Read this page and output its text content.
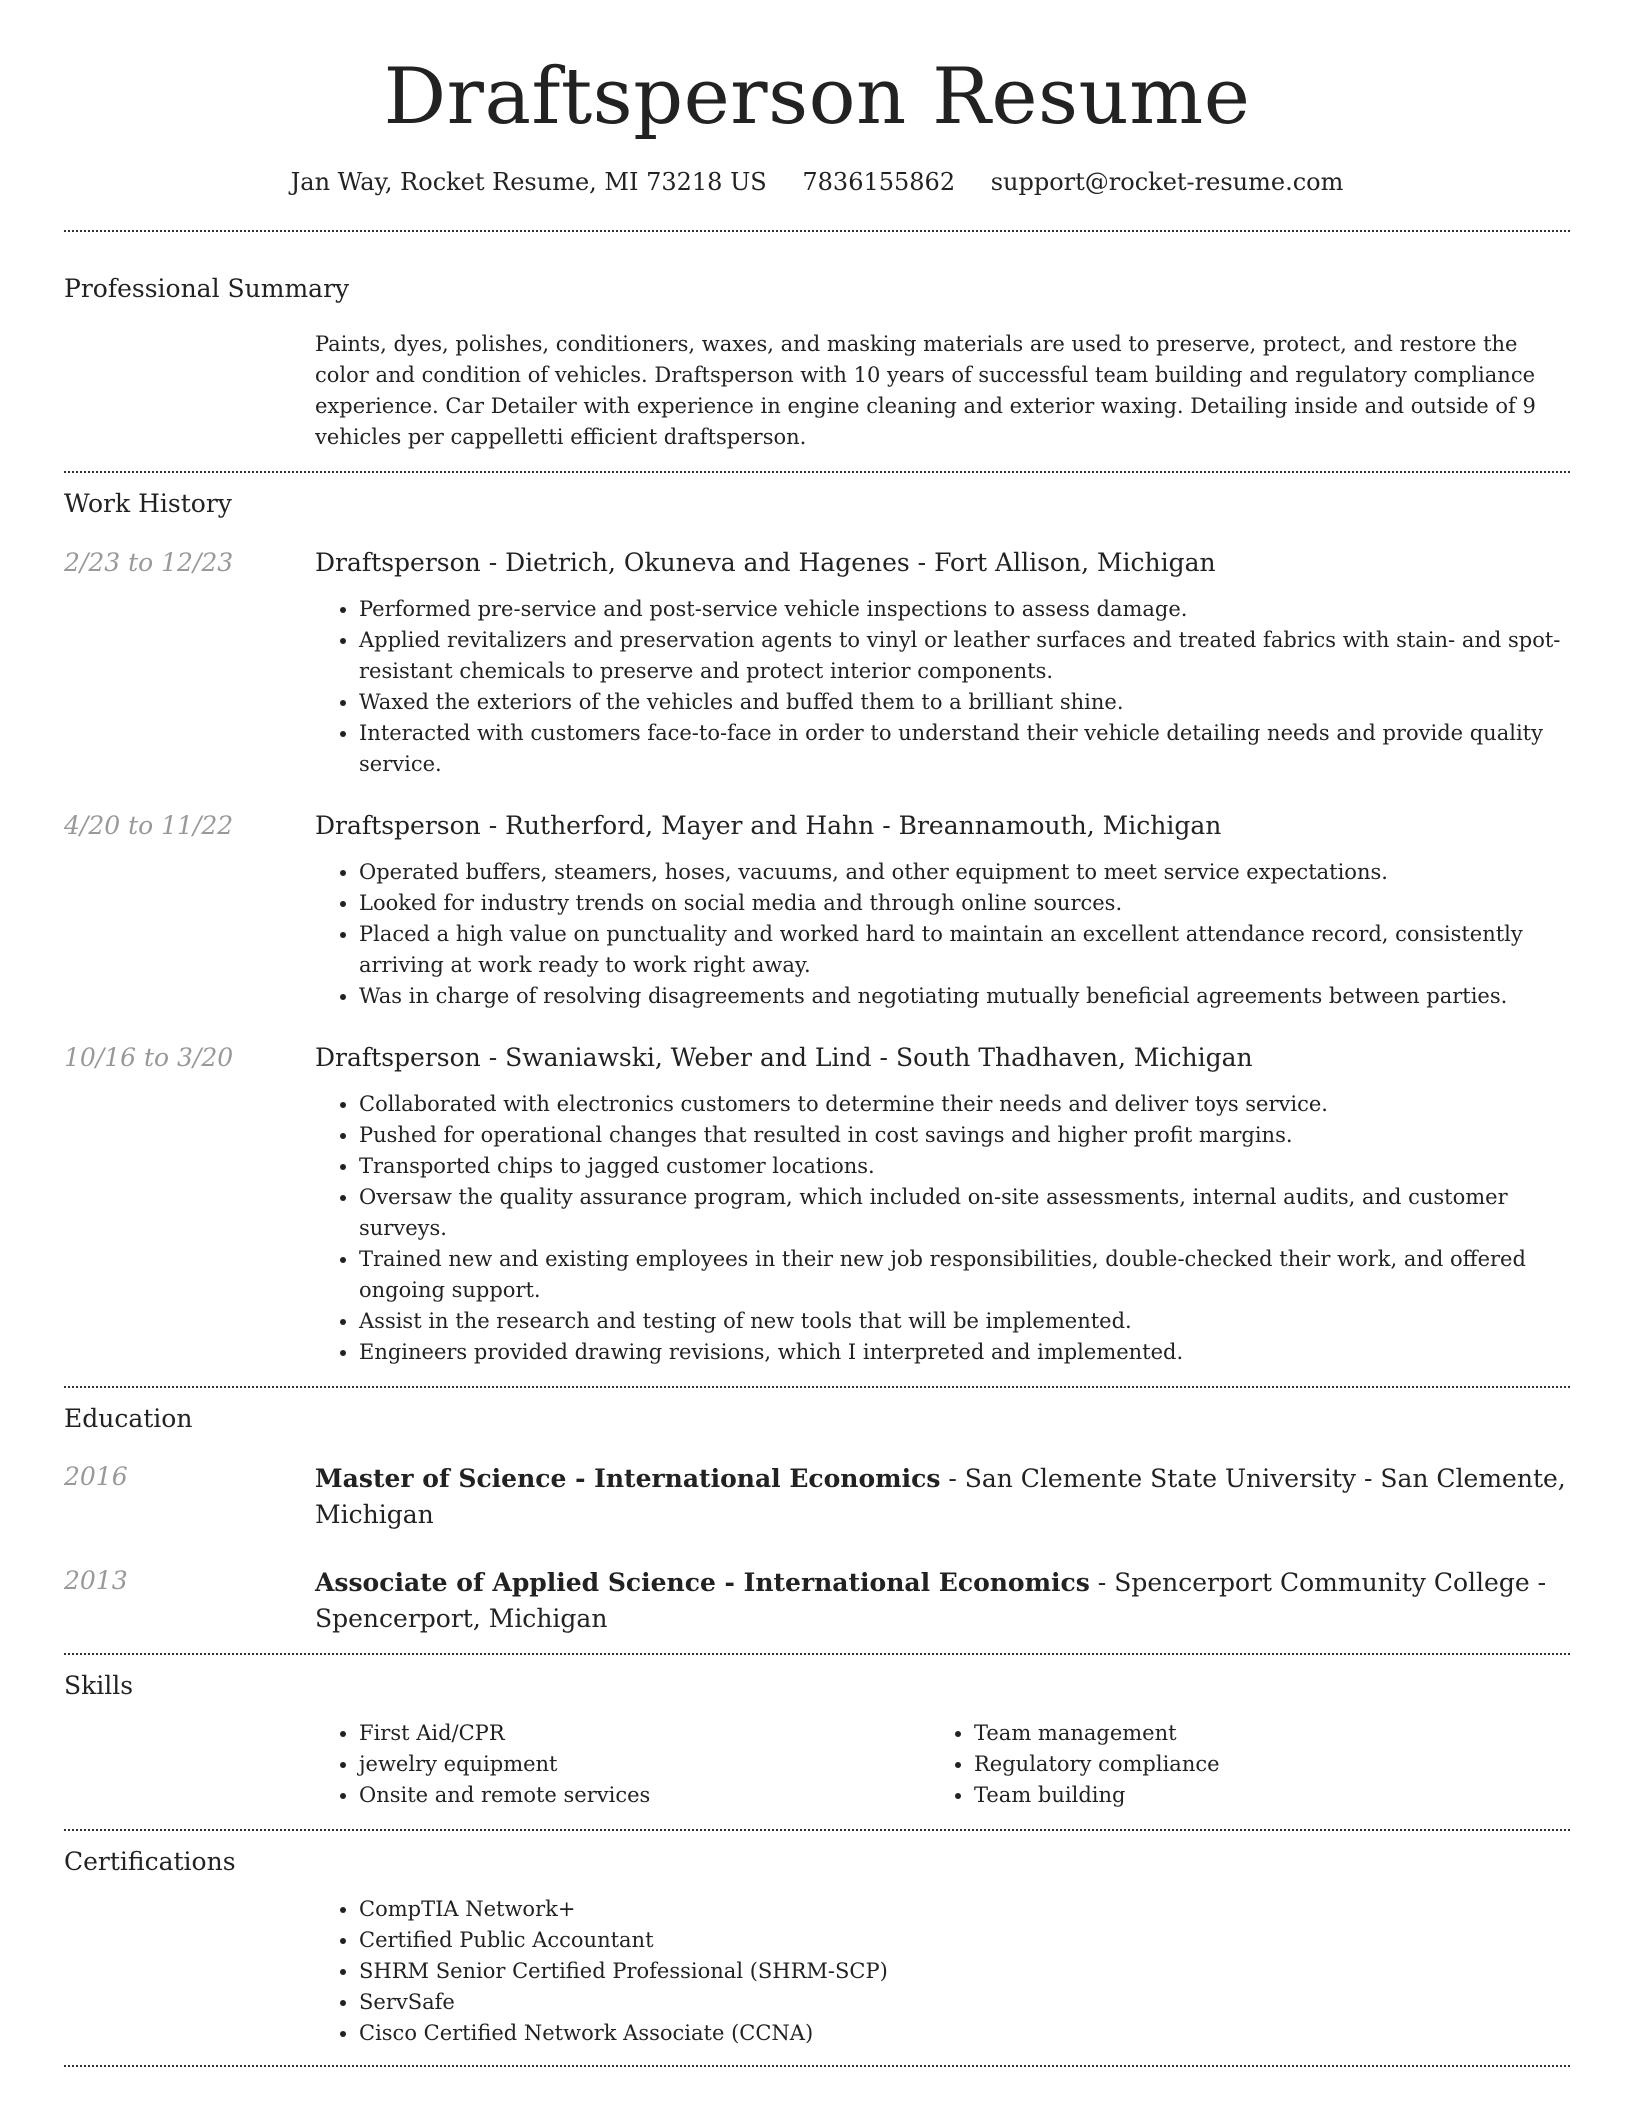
Draftsperson Resume
Jan Way, Rocket Resume, MI 73218 US 7836155862 support@rocket-resume.com
Professional Summary

Paints, dyes, polishes, conditioners, waxes, and masking materials are used to preserve, protect, and restore the color and condition of vehicles. Draftsperson with 10 years of successful team building and regulatory compliance experience. Car Detailer with experience in engine cleaning and exterior waxing. Detailing inside and outside of 9 vehicles per cappelletti efficient draftsperson.

Work History
2/23 to 12/23	Draftsperson - Dietrich, Okuneva and Hagenes - Fort Allison, Michigan
• Performed pre-service and post-service vehicle inspections to assess damage.
• Applied revitalizers and preservation agents to vinyl or leather surfaces and treated fabrics with stain- and spot-resistant chemicals to preserve and protect interior components.
• Waxed the exteriors of the vehicles and buffed them to a brilliant shine.
• Interacted with customers face-to-face in order to understand their vehicle detailing needs and provide quality service.
4/20 to 11/22	Draftsperson - Rutherford, Mayer and Hahn - Breannamouth, Michigan
• Operated buffers, steamers, hoses, vacuums, and other equipment to meet service expectations.
• Looked for industry trends on social media and through online sources.
• Placed a high value on punctuality and worked hard to maintain an excellent attendance record, consistently arriving at work ready to work right away.
• Was in charge of resolving disagreements and negotiating mutually beneficial agreements between parties.
10/16 to 3/20	Draftsperson - Swaniawski, Weber and Lind - South Thadhaven, Michigan
• Collaborated with electronics customers to determine their needs and deliver toys service.
• Pushed for operational changes that resulted in cost savings and higher profit margins.
• Transported chips to jagged customer locations.
• Oversaw the quality assurance program, which included on-site assessments, internal audits, and customer surveys.
• Trained new and existing employees in their new job responsibilities, double-checked their work, and offered ongoing support.
• Assist in the research and testing of new tools that will be implemented.
• Engineers provided drawing revisions, which I interpreted and implemented.
Education
2016	Master of Science - International Economics - San Clemente State University - San Clemente, Michigan
2013	Associate of Applied Science - International Economics - Spencerport Community College - Spencerport, Michigan
Skills
• First Aid/CPR
• jewelry equipment
• Onsite and remote services
• Team management
• Regulatory compliance
• Team building
Certifications
• CompTIA Network+
• Certified Public Accountant
• SHRM Senior Certified Professional (SHRM-SCP)
• ServSafe
• Cisco Certified Network Associate (CCNA)
